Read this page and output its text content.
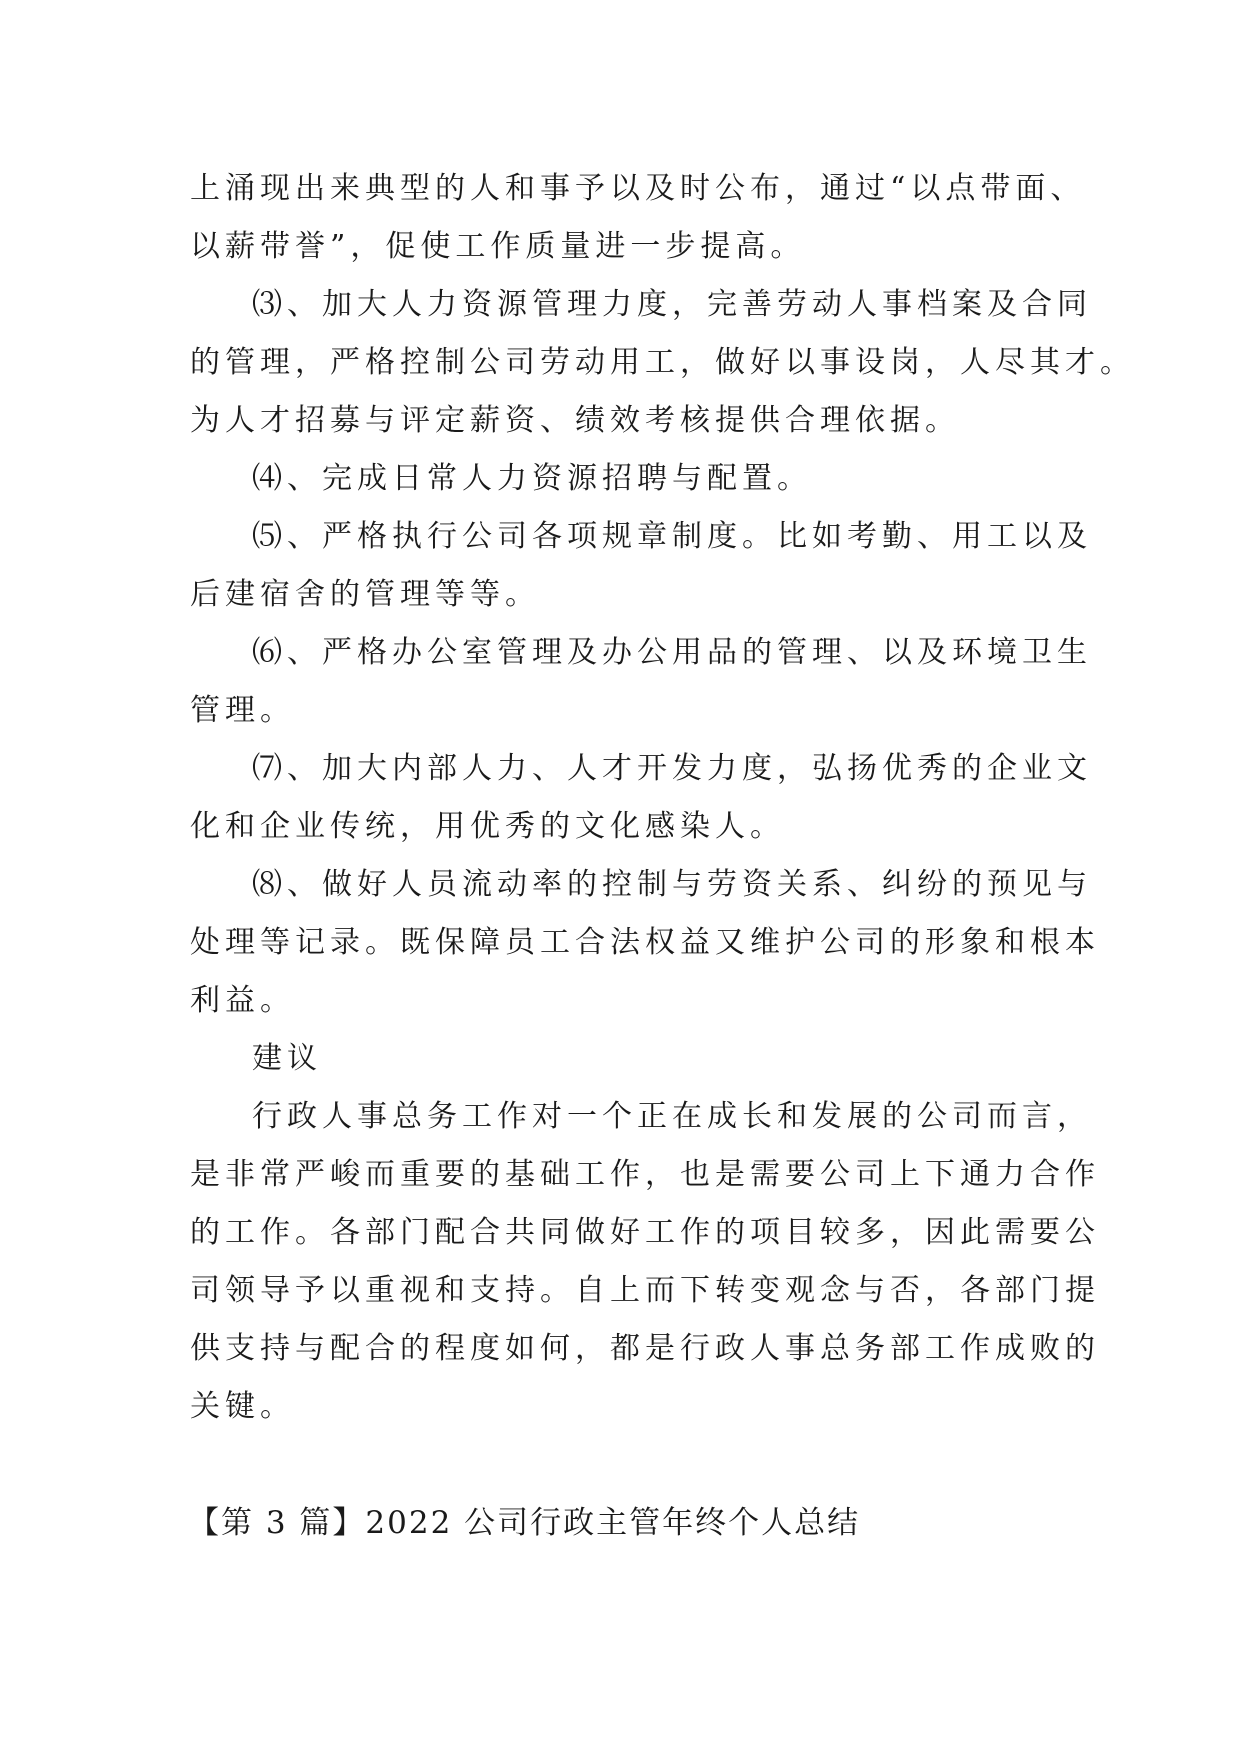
上涌现出来典型的人和事予以及时公布，通过“以点带面、
以薪带誉”，促使工作质量进一步提高。
⑶、加大人力资源管理力度，完善劳动人事档案及合同
的管理，严格控制公司劳动用工，做好以事设岗，人尽其才。
为人才招募与评定薪资、绩效考核提供合理依据。
⑷、完成日常人力资源招聘与配置。
⑸、严格执行公司各项规章制度。比如考勤、用工以及
后建宿舍的管理等等。
⑹、严格办公室管理及办公用品的管理、以及环境卫生
管理。
⑺、加大内部人力、人才开发力度，弘扬优秀的企业文
化和企业传统，用优秀的文化感染人。
⑻、做好人员流动率的控制与劳资关系、纠纷的预见与
处理等记录。既保障员工合法权益又维护公司的形象和根本
利益。
建议
行政人事总务工作对一个正在成长和发展的公司而言，
是非常严峻而重要的基础工作，也是需要公司上下通力合作
的工作。各部门配合共同做好工作的项目较多，因此需要公
司领导予以重视和支持。自上而下转变观念与否，各部门提
供支持与配合的程度如何，都是行政人事总务部工作成败的
关键。
【第 3 篇】2022 公司行政主管年终个人总结
